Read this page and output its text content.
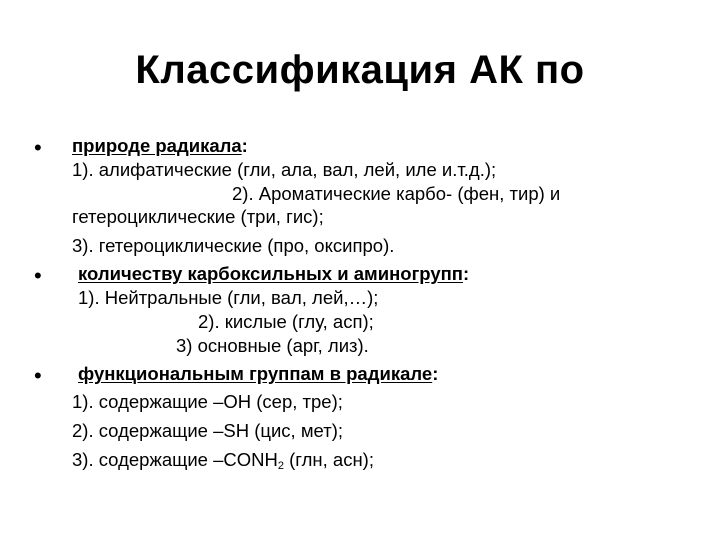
Классификация АК по
• природе радикала:
1). алифатические (гли, ала, вал, лей, иле и.т.д.);
2). Ароматические карбо- (фен, тир) и
гетероциклические (три, гис);
3). гетероциклические (про, оксипро).
• количеству карбоксильных и аминогрупп:
1). Нейтральные (гли, вал, лей,…);
2). кислые (глу, асп);
3) основные (арг, лиз).
• функциональным группам в радикале:
1). содержащие –ОН (сер, тре);
2). содержащие –SH (цис, мет);
3). содержащие $-CONH_2$ (глн, асн);
